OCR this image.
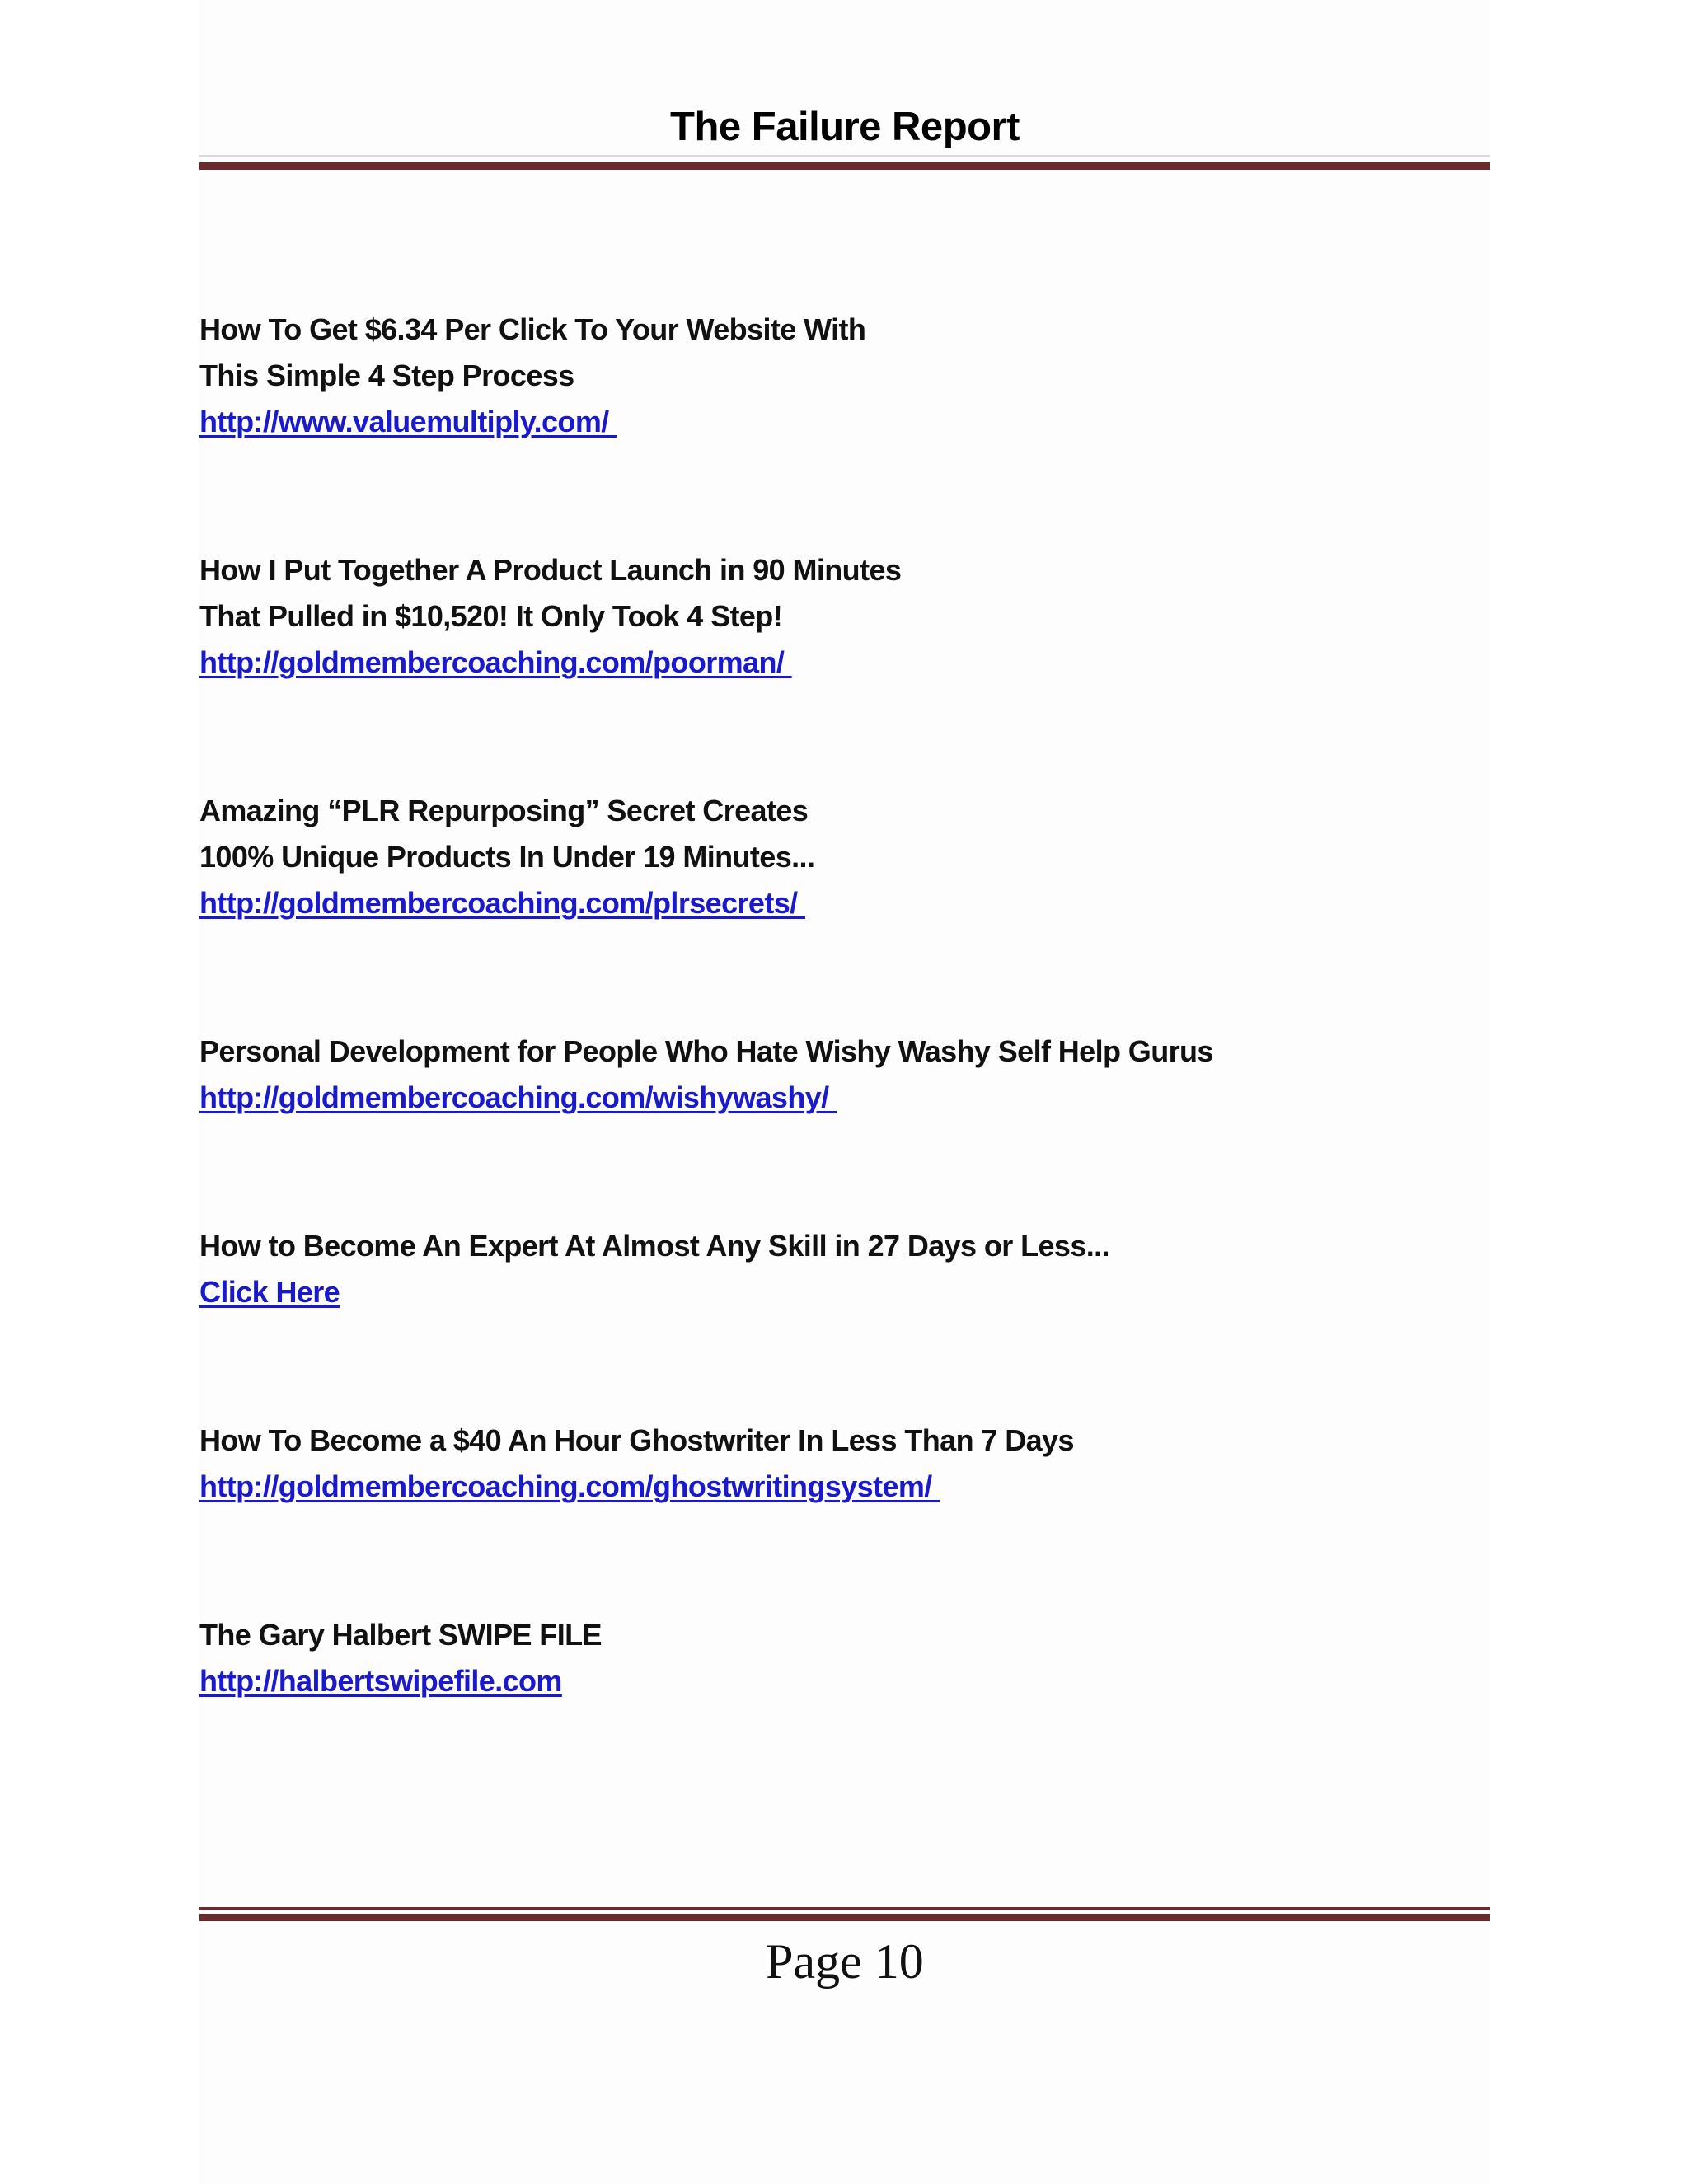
The Failure Report
How To Get $6.34 Per Click To Your Website With
This Simple 4 Step Process
http://www.valuemultiply.com/
How I Put Together A Product Launch in 90 Minutes
That Pulled in $10,520! It Only Took 4 Step!
http://goldmembercoaching.com/poorman/
Amazing “PLR Repurposing” Secret Creates
100% Unique Products In Under 19 Minutes...
http://goldmembercoaching.com/plrsecrets/
Personal Development for People Who Hate Wishy Washy Self Help Gurus
http://goldmembercoaching.com/wishywashy/
How to Become An Expert At Almost Any Skill in 27 Days or Less...
Click Here
How To Become a $40 An Hour Ghostwriter In Less Than 7 Days
http://goldmembercoaching.com/ghostwritingsystem/
The Gary Halbert SWIPE FILE
http://halbertswipefile.com
Page 10
